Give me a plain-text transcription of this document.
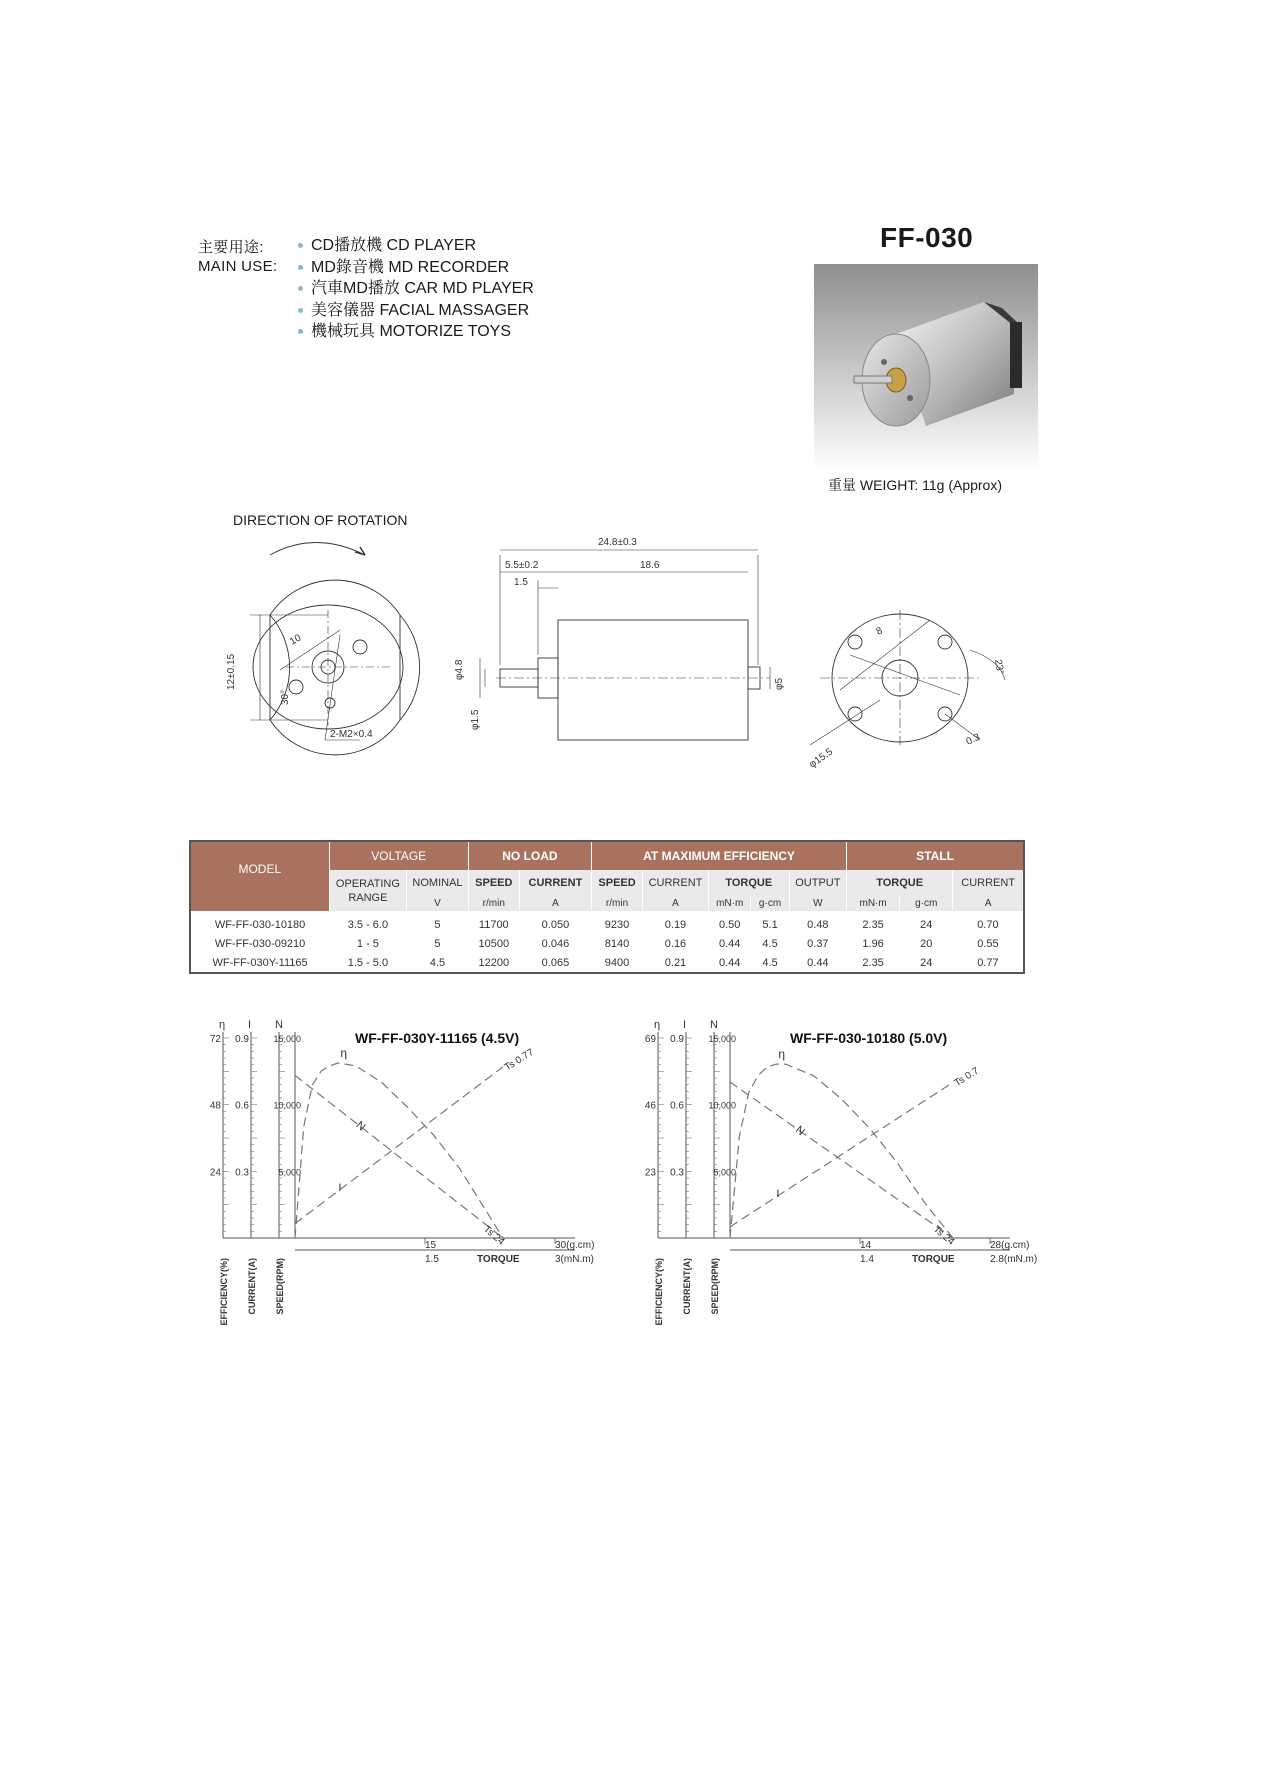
主要用途:
MAIN USE:
CD播放機 CD PLAYER
MD錄音機 MD RECORDER
汽車MD播放 CAR MD PLAYER
美容儀器 FACIAL MASSAGER
機械玩具 MOTORIZE TOYS
FF-030
重量 WEIGHT: 11g (Approx)
DIRECTION OF ROTATION
10
12±0.15
30°
2-M2×0.4
24.8±0.3
5.5±0.2	18.6
1.5
φ4.8
φ1.5
φ5
8
23°
0.3
φ15.5
MODEL	VOLTAGE		NO LOAD		AT MAXIMUM EFFICIENCY					STALL		
	OPERATING RANGE	NOMINAL	SPEED	CURRENT	SPEED	CURRENT	TORQUE		OUTPUT	TORQUE		CURRENT
		V	r/min	A	r/min	A	mN·m	g·cm	W	mN·m	g·cm	A
WF-FF-030-10180	3.5 - 6.0	5	11700	0.050	9230	0.19	0.50	5.1	0.48	2.35	24	0.70
WF-FF-030-09210	1 - 5	5	10500	0.046	8140	0.16	0.44	4.5	0.37	1.96	20	0.55
WF-FF-030Y-11165	1.5 - 5.0	4.5	12200	0.065	9400	0.21	0.44	4.5	0.44	2.35	24	0.77
η I N
72 0.9	15,000
48 0.6	10,000
24 0.3	5,000
15
1.5
30(g.cm)
3(mN.m)
TORQUE
EFFICIENCY(%) CURRENT(A) SPEED(RPM)
WF-FF-030Y-11165 (4.5V)
η
N
I
Ts 0.77
Ts 24
η I N
69 0.9	15,000
46 0.6	10,000
23 0.3	5,000
14
1.4
28(g.cm)
2.8(mN.m)
TORQUE
EFFICIENCY(%) CURRENT(A) SPEED(RPM)
WF-FF-030-10180 (5.0V)
η
N
I
Ts 0.7
Ts 24
